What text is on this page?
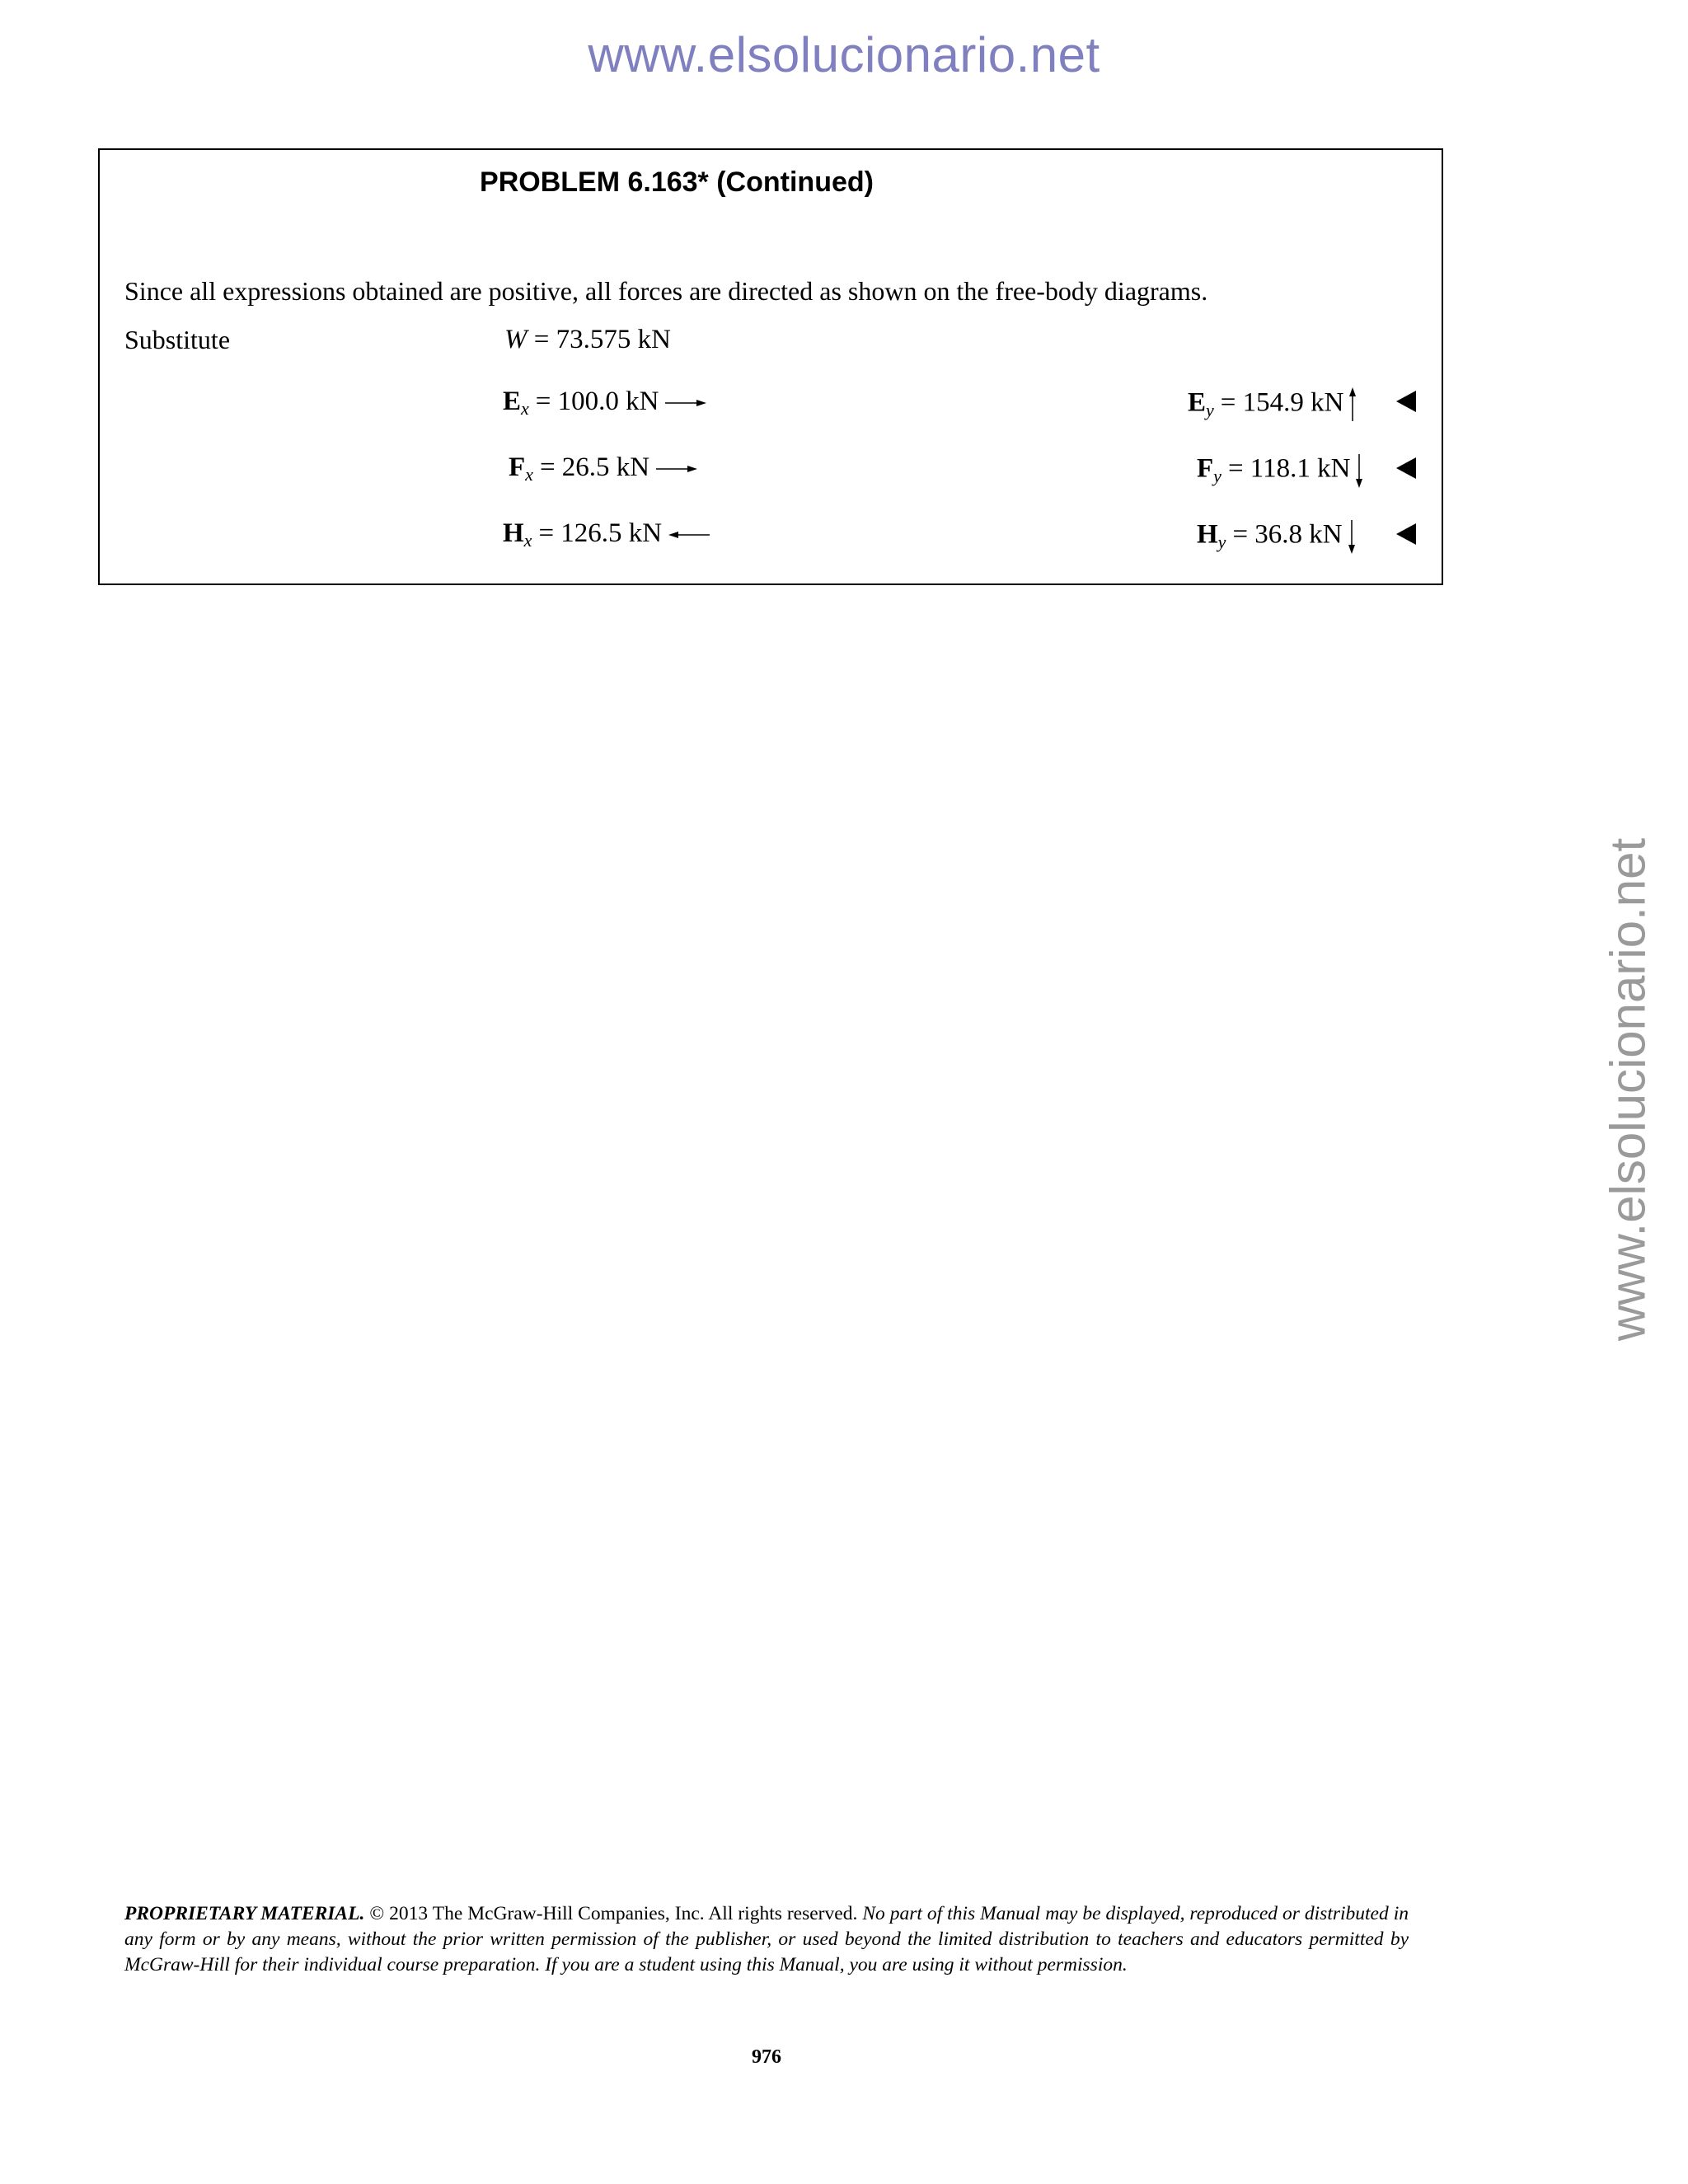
www.elsolucionario.net
www.elsolucionario.net
PROBLEM 6.163* (Continued)
Since all expressions obtained are positive, all forces are directed as shown on the free-body diagrams.
Substitute	W = 73.575 kN
$E_x = 100.0$ kN	$E_y = 154.9$ kN
$F_x = 26.5$ kN	$F_y = 118.1$ kN
$H_x = 126.5$ kN	$H_y = 36.8$ kN
PROPRIETARY MATERIAL. © 2013 The McGraw-Hill Companies, Inc. All rights reserved. No part of this Manual may be displayed, reproduced or distributed in any form or by any means, without the prior written permission of the publisher, or used beyond the limited distribution to teachers and educators permitted by McGraw-Hill for their individual course preparation. If you are a student using this Manual, you are using it without permission.
976
